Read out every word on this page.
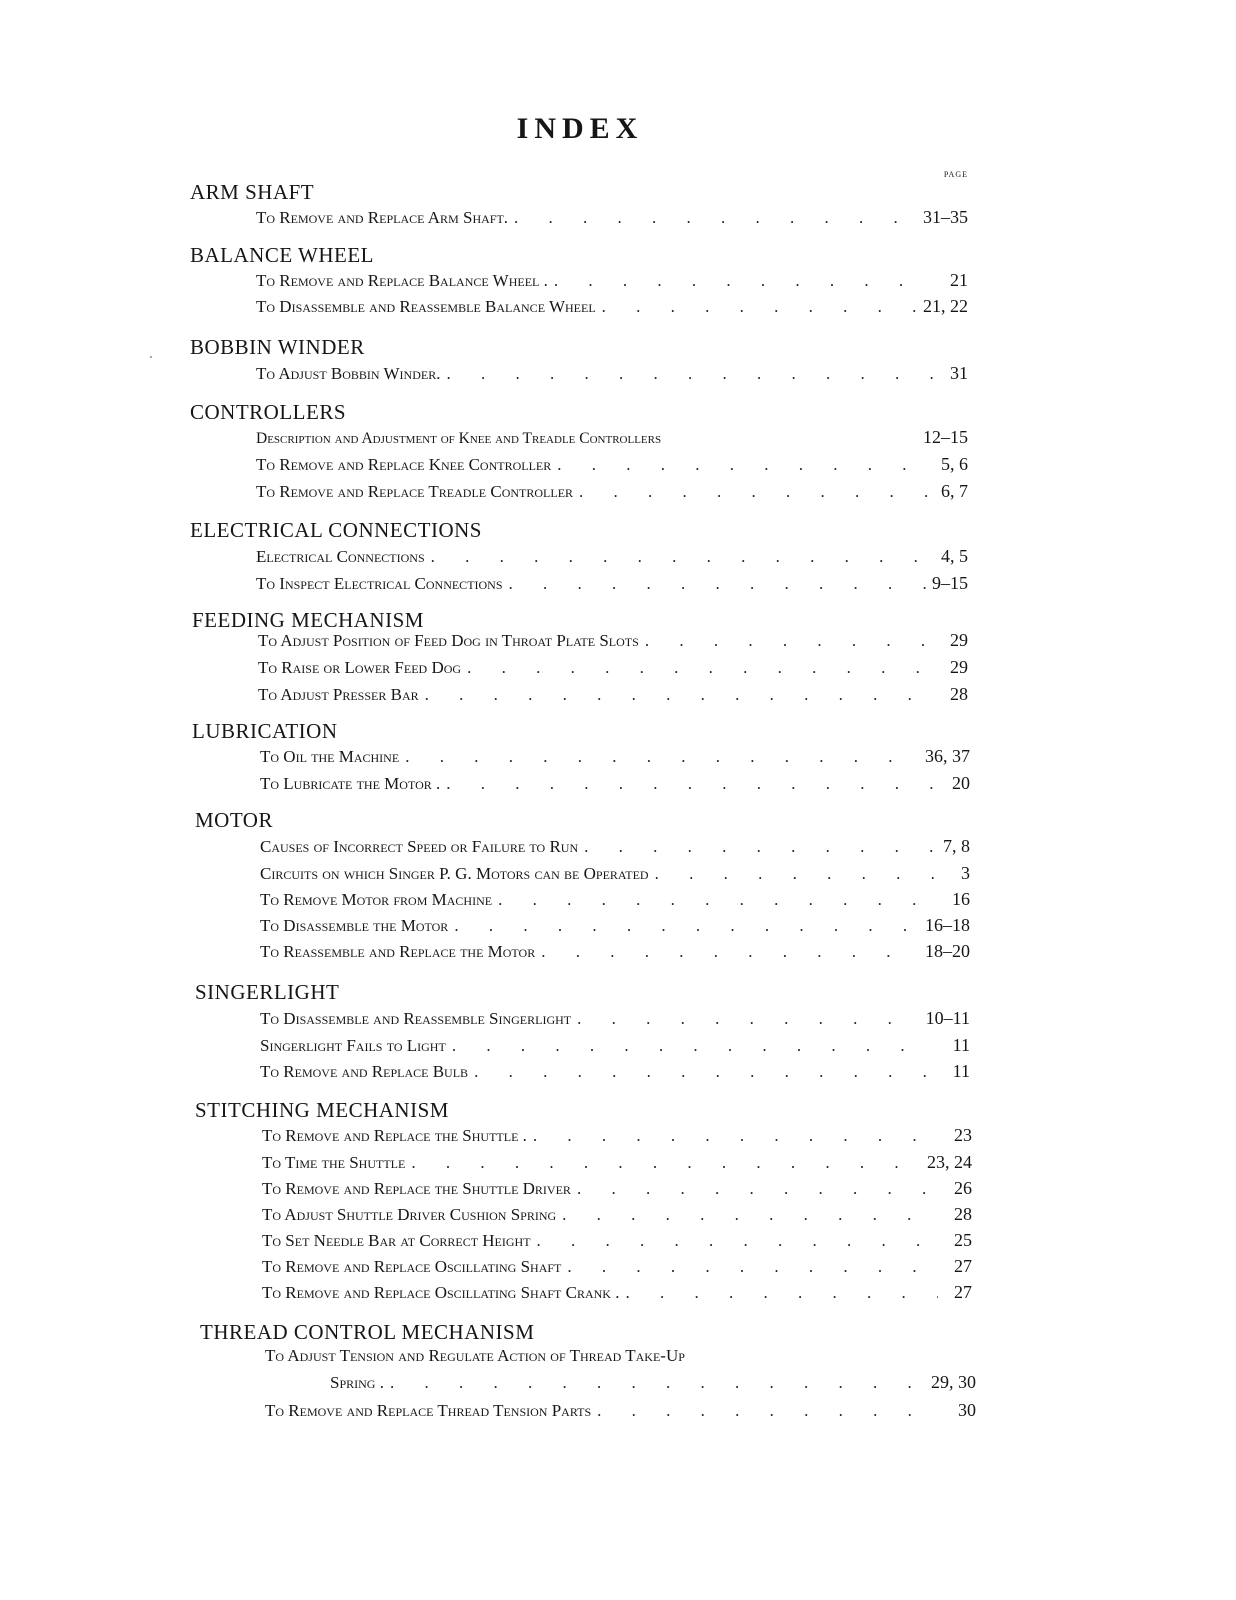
INDEX
page
ARM SHAFT
To Remove and Replace Arm Shaft. . . .	31–35
BALANCE WHEEL
To Remove and Replace Balance Wheel . . . .	21
To Disassemble and Reassemble Balance Wheel . . .	21, 22
BOBBIN WINDER
To Adjust Bobbin Winder. . . .	31
CONTROLLERS
Description and Adjustment of Knee and Treadle Controllers	12–15
To Remove and Replace Knee Controller . . .	5, 6
To Remove and Replace Treadle Controller . . .	6, 7
ELECTRICAL CONNECTIONS
Electrical Connections . . .	4, 5
To Inspect Electrical Connections . . .	9–15
FEEDING MECHANISM
To Adjust Position of Feed Dog in Throat Plate Slots . . .	29
To Raise or Lower Feed Dog . . .	29
To Adjust Presser Bar . . .	28
LUBRICATION
To Oil the Machine . . .	36, 37
To Lubricate the Motor . . . .	20
MOTOR
Causes of Incorrect Speed or Failure to Run . . .	7, 8
Circuits on which Singer P. G. Motors can be Operated . . .	3
To Remove Motor from Machine . . .	16
To Disassemble the Motor . . .	16–18
To Reassemble and Replace the Motor . . .	18–20
SINGERLIGHT
To Disassemble and Reassemble Singerlight . . .	10–11
Singerlight Fails to Light . . .	11
To Remove and Replace Bulb . . .	11
STITCHING MECHANISM
To Remove and Replace the Shuttle . . . .	23
To Time the Shuttle . . .	23, 24
To Remove and Replace the Shuttle Driver . . .	26
To Adjust Shuttle Driver Cushion Spring . . .	28
To Set Needle Bar at Correct Height . . .	25
To Remove and Replace Oscillating Shaft . . .	27
To Remove and Replace Oscillating Shaft Crank . . . .	27
THREAD CONTROL MECHANISM
To Adjust Tension and Regulate Action of Thread Take-Up
Spring . . . .	29, 30
To Remove and Replace Thread Tension Parts . . .	30
